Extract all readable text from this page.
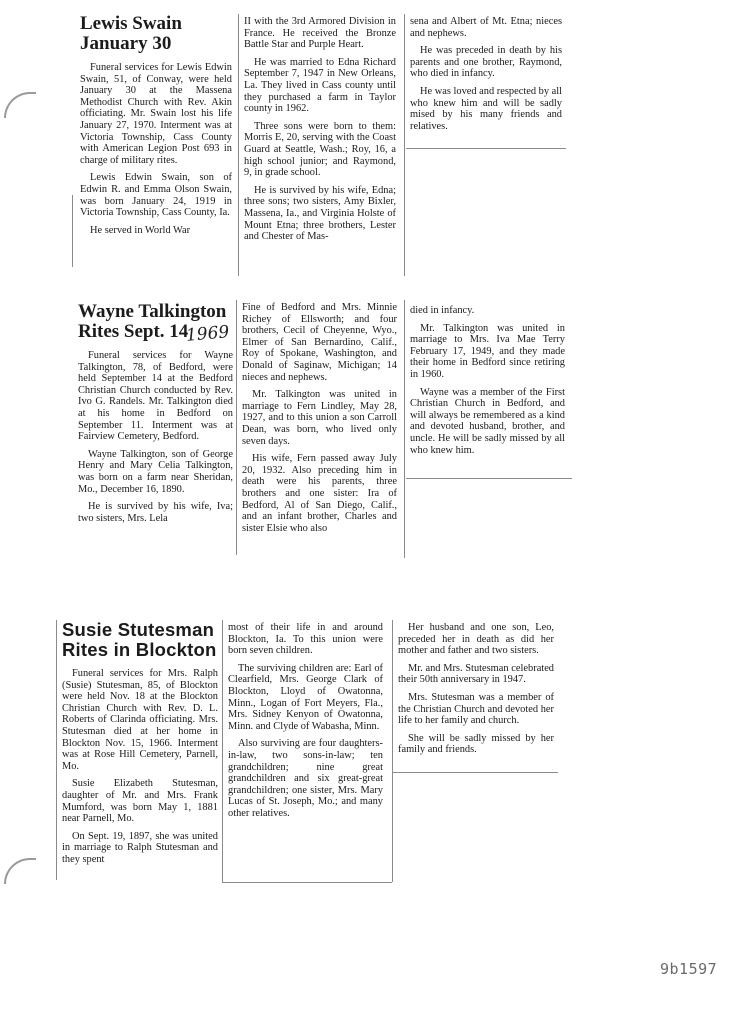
Lewis Swain
January 30

Funeral services for Lewis Edwin Swain, 51, of Conway, were held January 30 at the Massena Methodist Church with Rev. Akin officiating. Mr. Swain lost his life January 27, 1970. Interment was at Victoria Township, Cass County with American Legion Post 693 in charge of military rites.

Lewis Edwin Swain, son of Edwin R. and Emma Olson Swain, was born January 24, 1919 in Victoria Township, Cass County, Ia.

He served in World War

II with the 3rd Armored Division in France. He received the Bronze Battle Star and Purple Heart.

He was married to Edna Richard September 7, 1947 in New Orleans, La. They lived in Cass county until they purchased a farm in Taylor county in 1962.

Three sons were born to them: Morris E, 20, serving with the Coast Guard at Seattle, Wash.; Roy, 16, a high school junior; and Raymond, 9, in grade school.

He is survived by his wife, Edna; three sons; two sisters, Amy Bixler, Massena, Ia., and Virginia Holste of Mount Etna; three brothers, Lester and Chester of Mas-

sena and Albert of Mt. Etna; nieces and nephews.

He was preceded in death by his parents and one brother, Raymond, who died in infancy.

He was loved and respected by all who knew him and will be sadly mised by his many friends and relatives.

Wayne Talkington
Rites Sept. 14

Funeral services for Wayne Talkington, 78, of Bedford, were held September 14 at the Bedford Christian Church conducted by Rev. Ivo G. Randels. Mr. Talkington died at his home in Bedford on September 11. Interment was at Fairview Cemetery, Bedford.

Wayne Talkington, son of George Henry and Mary Celia Talkington, was born on a farm near Sheridan, Mo., December 16, 1890.

He is survived by his wife, Iva; two sisters, Mrs. Lela

1969

Fine of Bedford and Mrs. Minnie Richey of Ellsworth; and four brothers, Cecil of Cheyenne, Wyo., Elmer of San Bernardino, Calif., Roy of Spokane, Washington, and Donald of Saginaw, Michigan; 14 nieces and nephews.

Mr. Talkington was united in marriage to Fern Lindley, May 28, 1927, and to this union a son Carroll Dean, was born, who lived only seven days.

His wife, Fern passed away July 20, 1932. Also preceding him in death were his parents, three brothers and one sister: Ira of Bedford, Al of San Diego, Calif., and an infant brother, Charles and sister Elsie who also

died in infancy.

Mr. Talkington was united in marriage to Mrs. Iva Mae Terry February 17, 1949, and they made their home in Bedford since retiring in 1960.

Wayne was a member of the First Christian Church in Bedford, and will always be remembered as a kind and devoted husband, brother, and uncle. He will be sadly missed by all who knew him.

Susie Stutesman
Rites in Blockton

Funeral services for Mrs. Ralph (Susie) Stutesman, 85, of Blockton were held Nov. 18 at the Blockton Christian Church with Rev. D. L. Roberts of Clarinda officiating. Mrs. Stutesman died at her home in Blockton Nov. 15, 1966. Interment was at Rose Hill Cemetery, Parnell, Mo.

Susie Elizabeth Stutesman, daughter of Mr. and Mrs. Frank Mumford, was born May 1, 1881 near Parnell, Mo.

On Sept. 19, 1897, she was united in marriage to Ralph Stutesman and they spent

most of their life in and around Blockton, Ia. To this union were born seven children.

The surviving children are: Earl of Clearfield, Mrs. George Clark of Blockton, Lloyd of Owatonna, Minn., Logan of Fort Meyers, Fla., Mrs. Sidney Kenyon of Owatonna, Minn. and Clyde of Wabasha, Minn.

Also surviving are four daughters-in-law, two sons-in-law; ten grandchildren; nine great grandchildren and six great-great grandchildren; one sister, Mrs. Mary Lucas of St. Joseph, Mo.; and many other relatives.

Her husband and one son, Leo, preceded her in death as did her mother and father and two sisters.

Mr. and Mrs. Stutesman celebrated their 50th anniversary in 1947.

Mrs. Stutesman was a member of the Christian Church and devoted her life to her family and church.

She will be sadly missed by her family and friends.

9b1597
